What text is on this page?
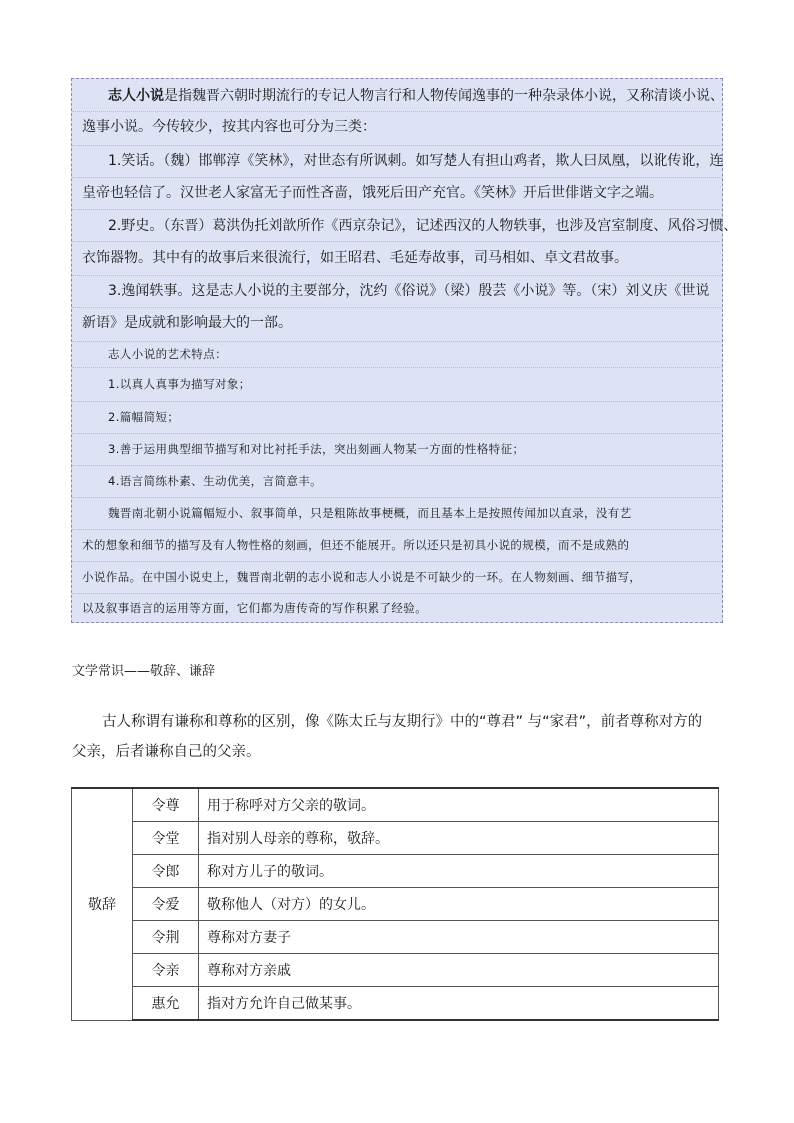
志人小说是指魏晋六朝时期流行的专记人物言行和人物传闻逸事的一种杂录体小说，又称清谈小说、
逸事小说。今传较少，按其内容也可分为三类：
1.笑话。（魏）邯郸淳《笑林》，对世态有所讽刺。如写楚人有担山鸡者，欺人曰凤凰，以讹传讹，连
皇帝也轻信了。汉世老人家富无子而性吝啬，饿死后田产充官。《笑林》开后世俳谐文字之端。
2.野史。（东晋）葛洪伪托刘歆所作《西京杂记》，记述西汉的人物轶事，也涉及宫室制度、风俗习惯、
衣饰器物。其中有的故事后来很流行，如王昭君、毛延寿故事，司马相如、卓文君故事。
3.逸闻轶事。这是志人小说的主要部分，沈约《俗说》（梁）殷芸《小说》等。（宋）刘义庆《世说
新语》是成就和影响最大的一部。
志人小说的艺术特点：
1.以真人真事为描写对象；
2.篇幅简短；
3.善于运用典型细节描写和对比衬托手法，突出刻画人物某一方面的性格特征；
4.语言简练朴素、生动优美，言简意丰。
魏晋南北朝小说篇幅短小、叙事简单，只是粗陈故事梗概，而且基本上是按照传闻加以直录，没有艺
术的想象和细节的描写及有人物性格的刻画，但还不能展开。所以还只是初具小说的规模，而不是成熟的
小说作品。在中国小说史上，魏晋南北朝的志小说和志人小说是不可缺少的一环。在人物刻画、细节描写，
以及叙事语言的运用等方面，它们都为唐传奇的写作积累了经验。
文学常识——敬辞、谦辞
古人称谓有谦称和尊称的区别，像《陈太丘与友期行》中的“尊君” 与“家君”，前者尊称对方的
父亲，后者谦称自己的父亲。
敬辞	令尊	用于称呼对方父亲的敬词。
	令堂	指对别人母亲的尊称，敬辞。
	令郎	称对方儿子的敬词。
	令爱	敬称他人（对方）的女儿。
	令荆	尊称对方妻子
	令亲	尊称对方亲戚
	惠允	指对方允许自己做某事。
